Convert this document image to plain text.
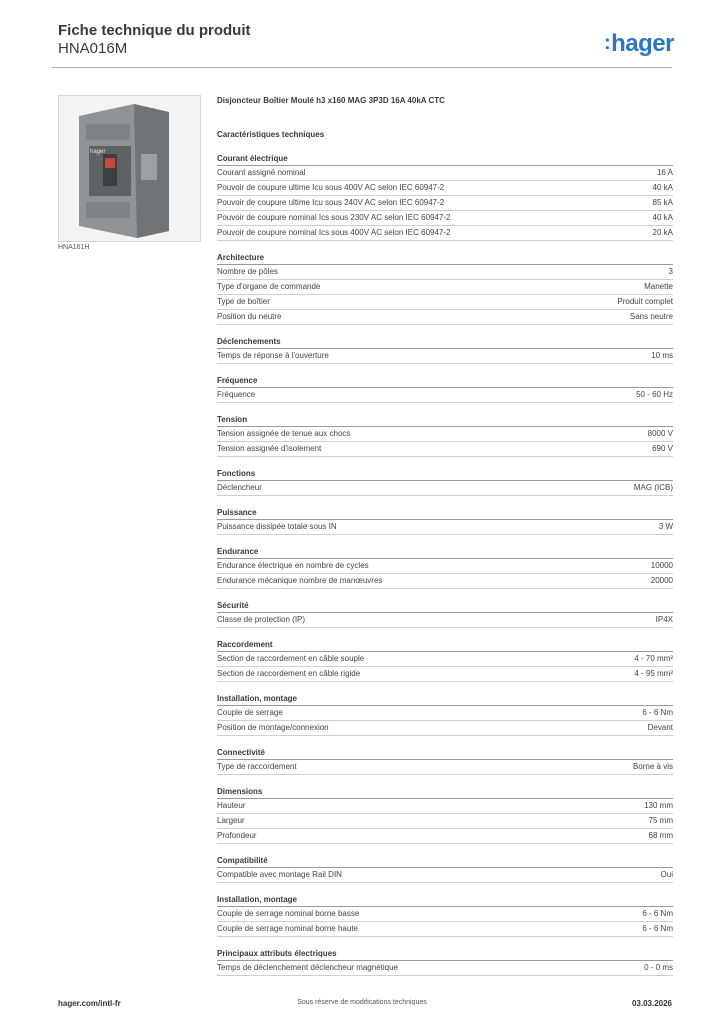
Fiche technique du produit
HNA016M	:hager
hager
HNA161H
Disjoncteur Boîtier Moulé h3 x160 MAG 3P3D 16A 40kA CTC
Caractéristiques techniques
Courant électrique
Courant assigné nominal	16 A
Pouvoir de coupure ultime Icu sous 400V AC selon IEC 60947-2	40 kA
Pouvoir de coupure ultime Icu sous 240V AC selon IEC 60947-2	85 kA
Pouvoir de coupure nominal Ics sous 230V AC selon IEC 60947-2	40 kA
Pouvoir de coupure nominal Ics sous 400V AC selon IEC 60947-2	20 kA
Architecture
Nombre de pôles	3
Type d'organe de commande	Manette
Type de boîtier	Produit complet
Position du neutre	Sans neutre
Déclenchements
Temps de réponse à l'ouverture	10 ms
Fréquence
Fréquence	50 - 60 Hz
Tension
Tension assignée de tenue aux chocs	8000 V
Tension assignée d'isolement	690 V
Fonctions
Déclencheur	MAG (ICB)
Puissance
Puissance dissipée totale sous IN	3 W
Endurance
Endurance électrique en nombre de cycles	10000
Endurance mécanique nombre de manœuvres	20000
Sécurité
Classe de protection (IP)	IP4X
Raccordement
Section de raccordement en câble souple	4 - 70 mm²
Section de raccordement en câble rigide	4 - 95 mm²
Installation, montage
Couple de serrage	6 - 6 Nm
Position de montage/connexion	Devant
Connectivité
Type de raccordement	Borne à vis
Dimensions
Hauteur	130 mm
Largeur	75 mm
Profondeur	68 mm
Compatibilité
Compatible avec montage Rail DIN	Oui
Installation, montage
Couple de serrage nominal borne basse	6 - 6 Nm
Couple de serrage nominal borne haute	6 - 6 Nm
Principaux attributs électriques
Temps de déclenchement déclencheur magnétique	0 - 0 ms
hager.com/intl-fr	Sous réserve de modifications techniques	03.03.2026
